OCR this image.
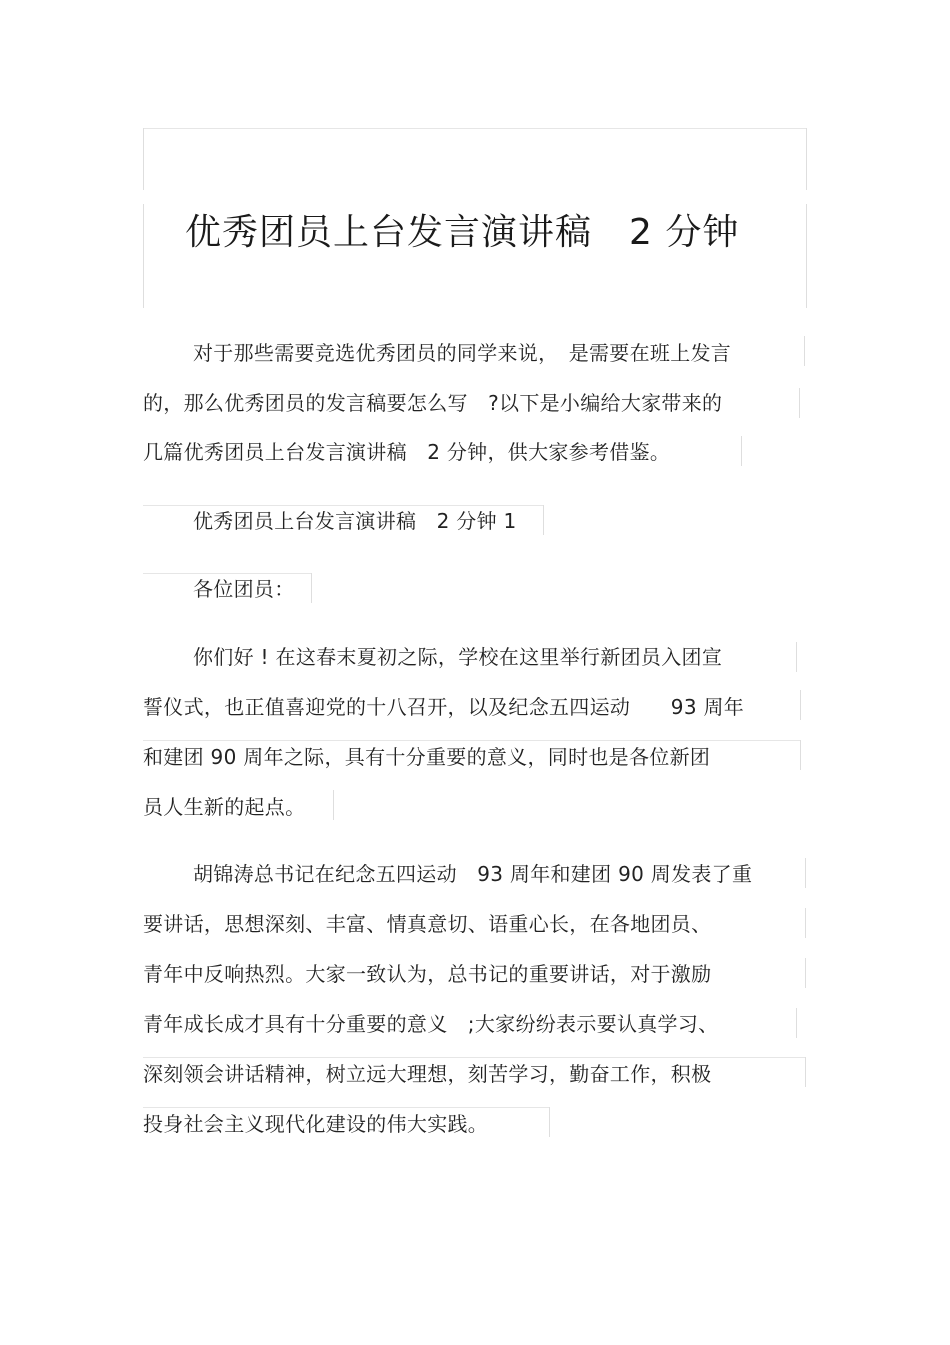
优秀团员上台发言演讲稿　2 分钟
对于那些需要竞选优秀团员的同学来说，　是需要在班上发言
的，那么优秀团员的发言稿要怎么写　?以下是小编给大家带来的
几篇优秀团员上台发言演讲稿　2 分钟，供大家参考借鉴。
优秀团员上台发言演讲稿　2 分钟 1
各位团员：
你们好 ! 在这春末夏初之际，学校在这里举行新团员入团宣
誓仪式，也正值喜迎党的十八召开，以及纪念五四运动　　93 周年
和建团 90 周年之际，具有十分重要的意义，同时也是各位新团
员人生新的起点。
胡锦涛总书记在纪念五四运动　93 周年和建团 90 周发表了重
要讲话，思想深刻、丰富、情真意切、语重心长，在各地团员、
青年中反响热烈。大家一致认为，总书记的重要讲话，对于激励
青年成长成才具有十分重要的意义　;大家纷纷表示要认真学习、
深刻领会讲话精神，树立远大理想，刻苦学习，勤奋工作，积极
投身社会主义现代化建设的伟大实践。
